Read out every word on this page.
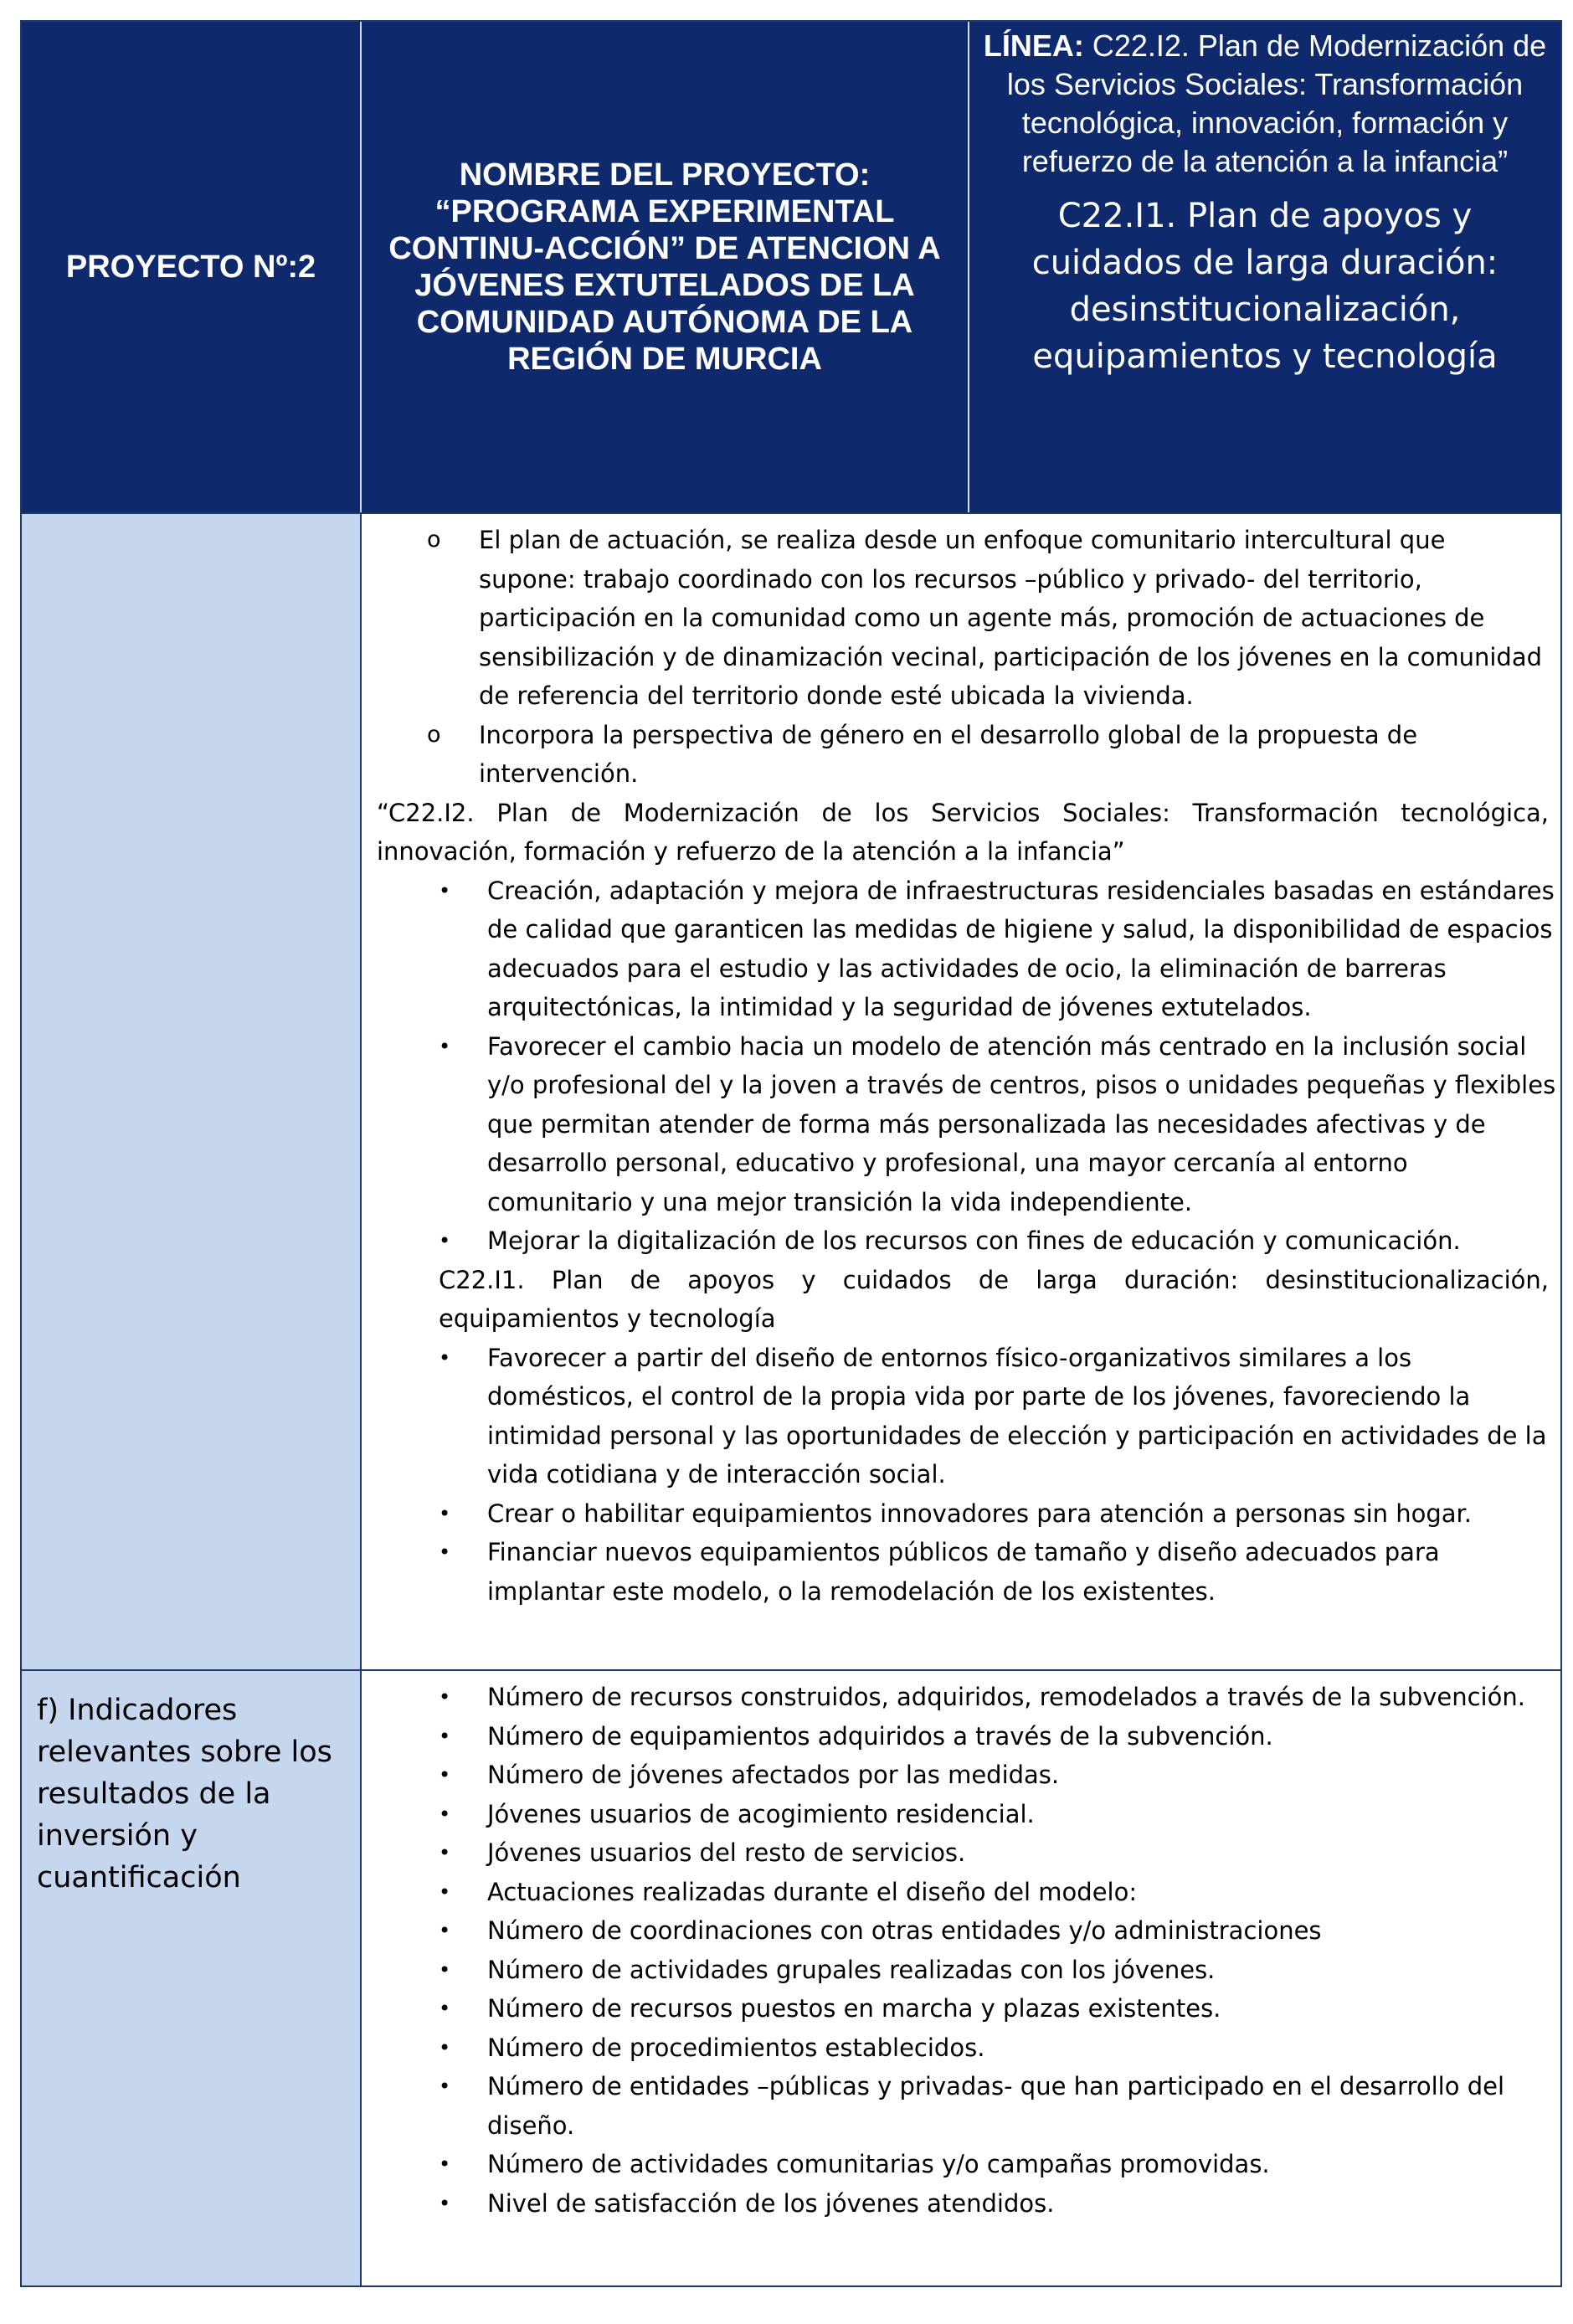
PROYECTO Nº:2
NOMBRE DEL PROYECTO:
“PROGRAMA EXPERIMENTAL CONTINU-ACCIÓN” DE ATENCION A JÓVENES EXTUTELADOS DE LA COMUNIDAD AUTÓNOMA DE LA REGIÓN DE MURCIA
LÍNEA: C22.I2. Plan de Modernización de los Servicios Sociales: Transformación tecnológica, innovación, formación y refuerzo de la atención a la infancia”
C22.I1. Plan de apoyos y cuidados de larga duración: desinstitucionalización, equipamientos y tecnología
o El plan de actuación, se realiza desde un enfoque comunitario intercultural que supone: trabajo coordinado con los recursos –público y privado- del territorio, participación en la comunidad como un agente más, promoción de actuaciones de sensibilización y de dinamización vecinal, participación de los jóvenes en la comunidad de referencia del territorio donde esté ubicada la vivienda.
o Incorpora la perspectiva de género en el desarrollo global de la propuesta de intervención.
“C22.I2. Plan de Modernización de los Servicios Sociales: Transformación tecnológica, innovación, formación y refuerzo de la atención a la infancia”
• Creación, adaptación y mejora de infraestructuras residenciales basadas en estándares de calidad que garanticen las medidas de higiene y salud, la disponibilidad de espacios adecuados para el estudio y las actividades de ocio, la eliminación de barreras arquitectónicas, la intimidad y la seguridad de jóvenes extutelados.
• Favorecer el cambio hacia un modelo de atención más centrado en la inclusión social y/o profesional del y la joven a través de centros, pisos o unidades pequeñas y flexibles que permitan atender de forma más personalizada las necesidades afectivas y de desarrollo personal, educativo y profesional, una mayor cercanía al entorno comunitario y una mejor transición la vida independiente.
• Mejorar la digitalización de los recursos con fines de educación y comunicación.
C22.I1. Plan de apoyos y cuidados de larga duración: desinstitucionalización, equipamientos y tecnología
• Favorecer a partir del diseño de entornos físico-organizativos similares a los domésticos, el control de la propia vida por parte de los jóvenes, favoreciendo la intimidad personal y las oportunidades de elección y participación en actividades de la vida cotidiana y de interacción social.
• Crear o habilitar equipamientos innovadores para atención a personas sin hogar.
• Financiar nuevos equipamientos públicos de tamaño y diseño adecuados para implantar este modelo, o la remodelación de los existentes.
f) Indicadores relevantes sobre los resultados de la inversión y cuantificación
• Número de recursos construidos, adquiridos, remodelados a través de la subvención.
• Número de equipamientos adquiridos a través de la subvención.
• Número de jóvenes afectados por las medidas.
• Jóvenes usuarios de acogimiento residencial.
• Jóvenes usuarios del resto de servicios.
• Actuaciones realizadas durante el diseño del modelo:
• Número de coordinaciones con otras entidades y/o administraciones
• Número de actividades grupales realizadas con los jóvenes.
• Número de recursos puestos en marcha y plazas existentes.
• Número de procedimientos establecidos.
• Número de entidades –públicas y privadas- que han participado en el desarrollo del diseño.
• Número de actividades comunitarias y/o campañas promovidas.
• Nivel de satisfacción de los jóvenes atendidos.
